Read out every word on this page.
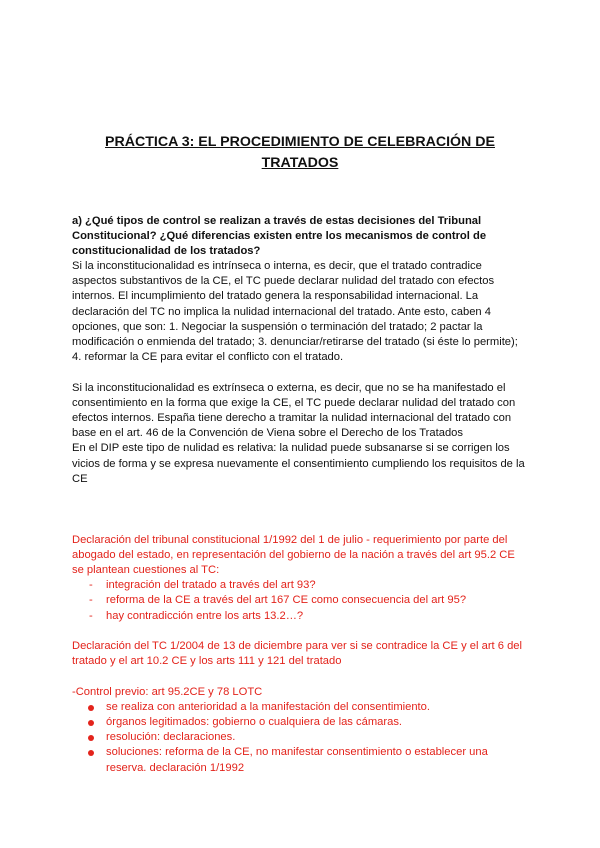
PRÁCTICA 3: EL PROCEDIMIENTO DE CELEBRACIÓN DE
TRATADOS

a) ¿Qué tipos de control se realizan a través de estas decisiones del Tribunal Constitucional? ¿Qué diferencias existen entre los mecanismos de control de constitucionalidad de los tratados?

Si la inconstitucionalidad es intrínseca o interna, es decir, que el tratado contradice aspectos substantivos de la CE, el TC puede declarar nulidad del tratado con efectos internos. El incumplimiento del tratado genera la responsabilidad internacional. La declaración del TC no implica la nulidad internacional del tratado. Ante esto, caben 4 opciones, que son: 1. Negociar la suspensión o terminación del tratado; 2 pactar la modificación o enmienda del tratado; 3. denunciar/retirarse del tratado (si éste lo permite); 4. reformar la CE para evitar el conflicto con el tratado.

Si la inconstitucionalidad es extrínseca o externa, es decir, que no se ha manifestado el consentimiento en la forma que exige la CE, el TC puede declarar nulidad del tratado con efectos internos. España tiene derecho a tramitar la nulidad internacional del tratado con base en el art. 46 de la Convención de Viena sobre el Derecho de los Tratados

En el DIP este tipo de nulidad es relativa: la nulidad puede subsanarse si se corrigen los vicios de forma y se expresa nuevamente el consentimiento cumpliendo los requisitos de la CE

Declaración del tribunal constitucional 1/1992 del 1 de julio - requerimiento por parte del abogado del estado, en representación del gobierno de la nación a través del art 95.2 CE se plantean cuestiones al TC:

- integración del tratado a través del art 93?
- reforma de la CE a través del art 167 CE como consecuencia del art 95?
- hay contradicción entre los arts 13.2…?

Declaración del TC 1/2004 de 13 de diciembre para ver si se contradice la CE y el art 6 del tratado y el art 10.2 CE y los arts 111 y 121 del tratado

-Control previo: art 95.2CE y 78 LOTC

se realiza con anterioridad a la manifestación del consentimiento.
órganos legitimados: gobierno o cualquiera de las cámaras.
resolución: declaraciones.
soluciones: reforma de la CE, no manifestar consentimiento o establecer una reserva. declaración 1/1992
